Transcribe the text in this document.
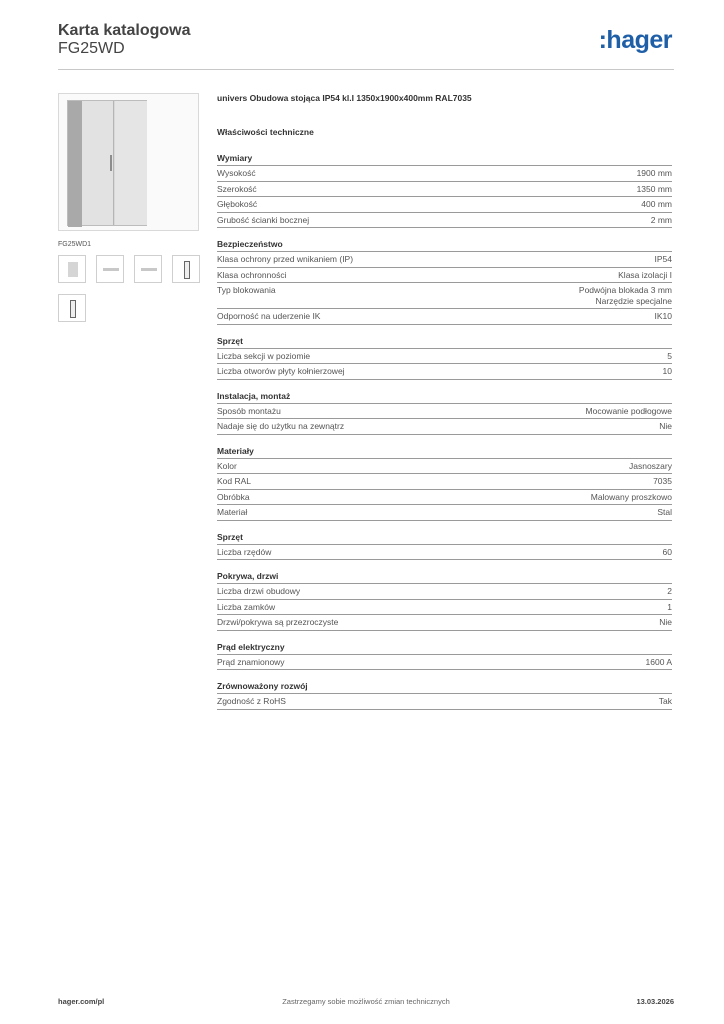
Karta katalogowa
FG25WD	:hager
FG25WD1
univers Obudowa stojąca IP54 kl.I 1350x1900x400mm RAL7035
Właściwości techniczne
Wymiary
Wysokość	1900 mm
Szerokość	1350 mm
Głębokość	400 mm
Grubość ścianki bocznej	2 mm
Bezpieczeństwo
Klasa ochrony przed wnikaniem (IP)	IP54
Klasa ochronności	Klasa izolacji I
Typ blokowania	Podwójna blokada 3 mm
Narzędzie specjalne
Odporność na uderzenie IK	IK10
Sprzęt
Liczba sekcji w poziomie	5
Liczba otworów płyty kołnierzowej	10
Instalacja, montaż
Sposób montażu	Mocowanie podłogowe
Nadaje się do użytku na zewnątrz	Nie
Materiały
Kolor	Jasnoszary
Kod RAL	7035
Obróbka	Malowany proszkowo
Materiał	Stal
Sprzęt
Liczba rzędów	60
Pokrywa, drzwi
Liczba drzwi obudowy	2
Liczba zamków	1
Drzwi/pokrywa są przezroczyste	Nie
Prąd elektryczny
Prąd znamionowy	1600 A
Zrównoważony rozwój
Zgodność z RoHS	Tak
Zastrzegamy sobie możliwość zmian technicznych
hager.com/pl	13.03.2026
